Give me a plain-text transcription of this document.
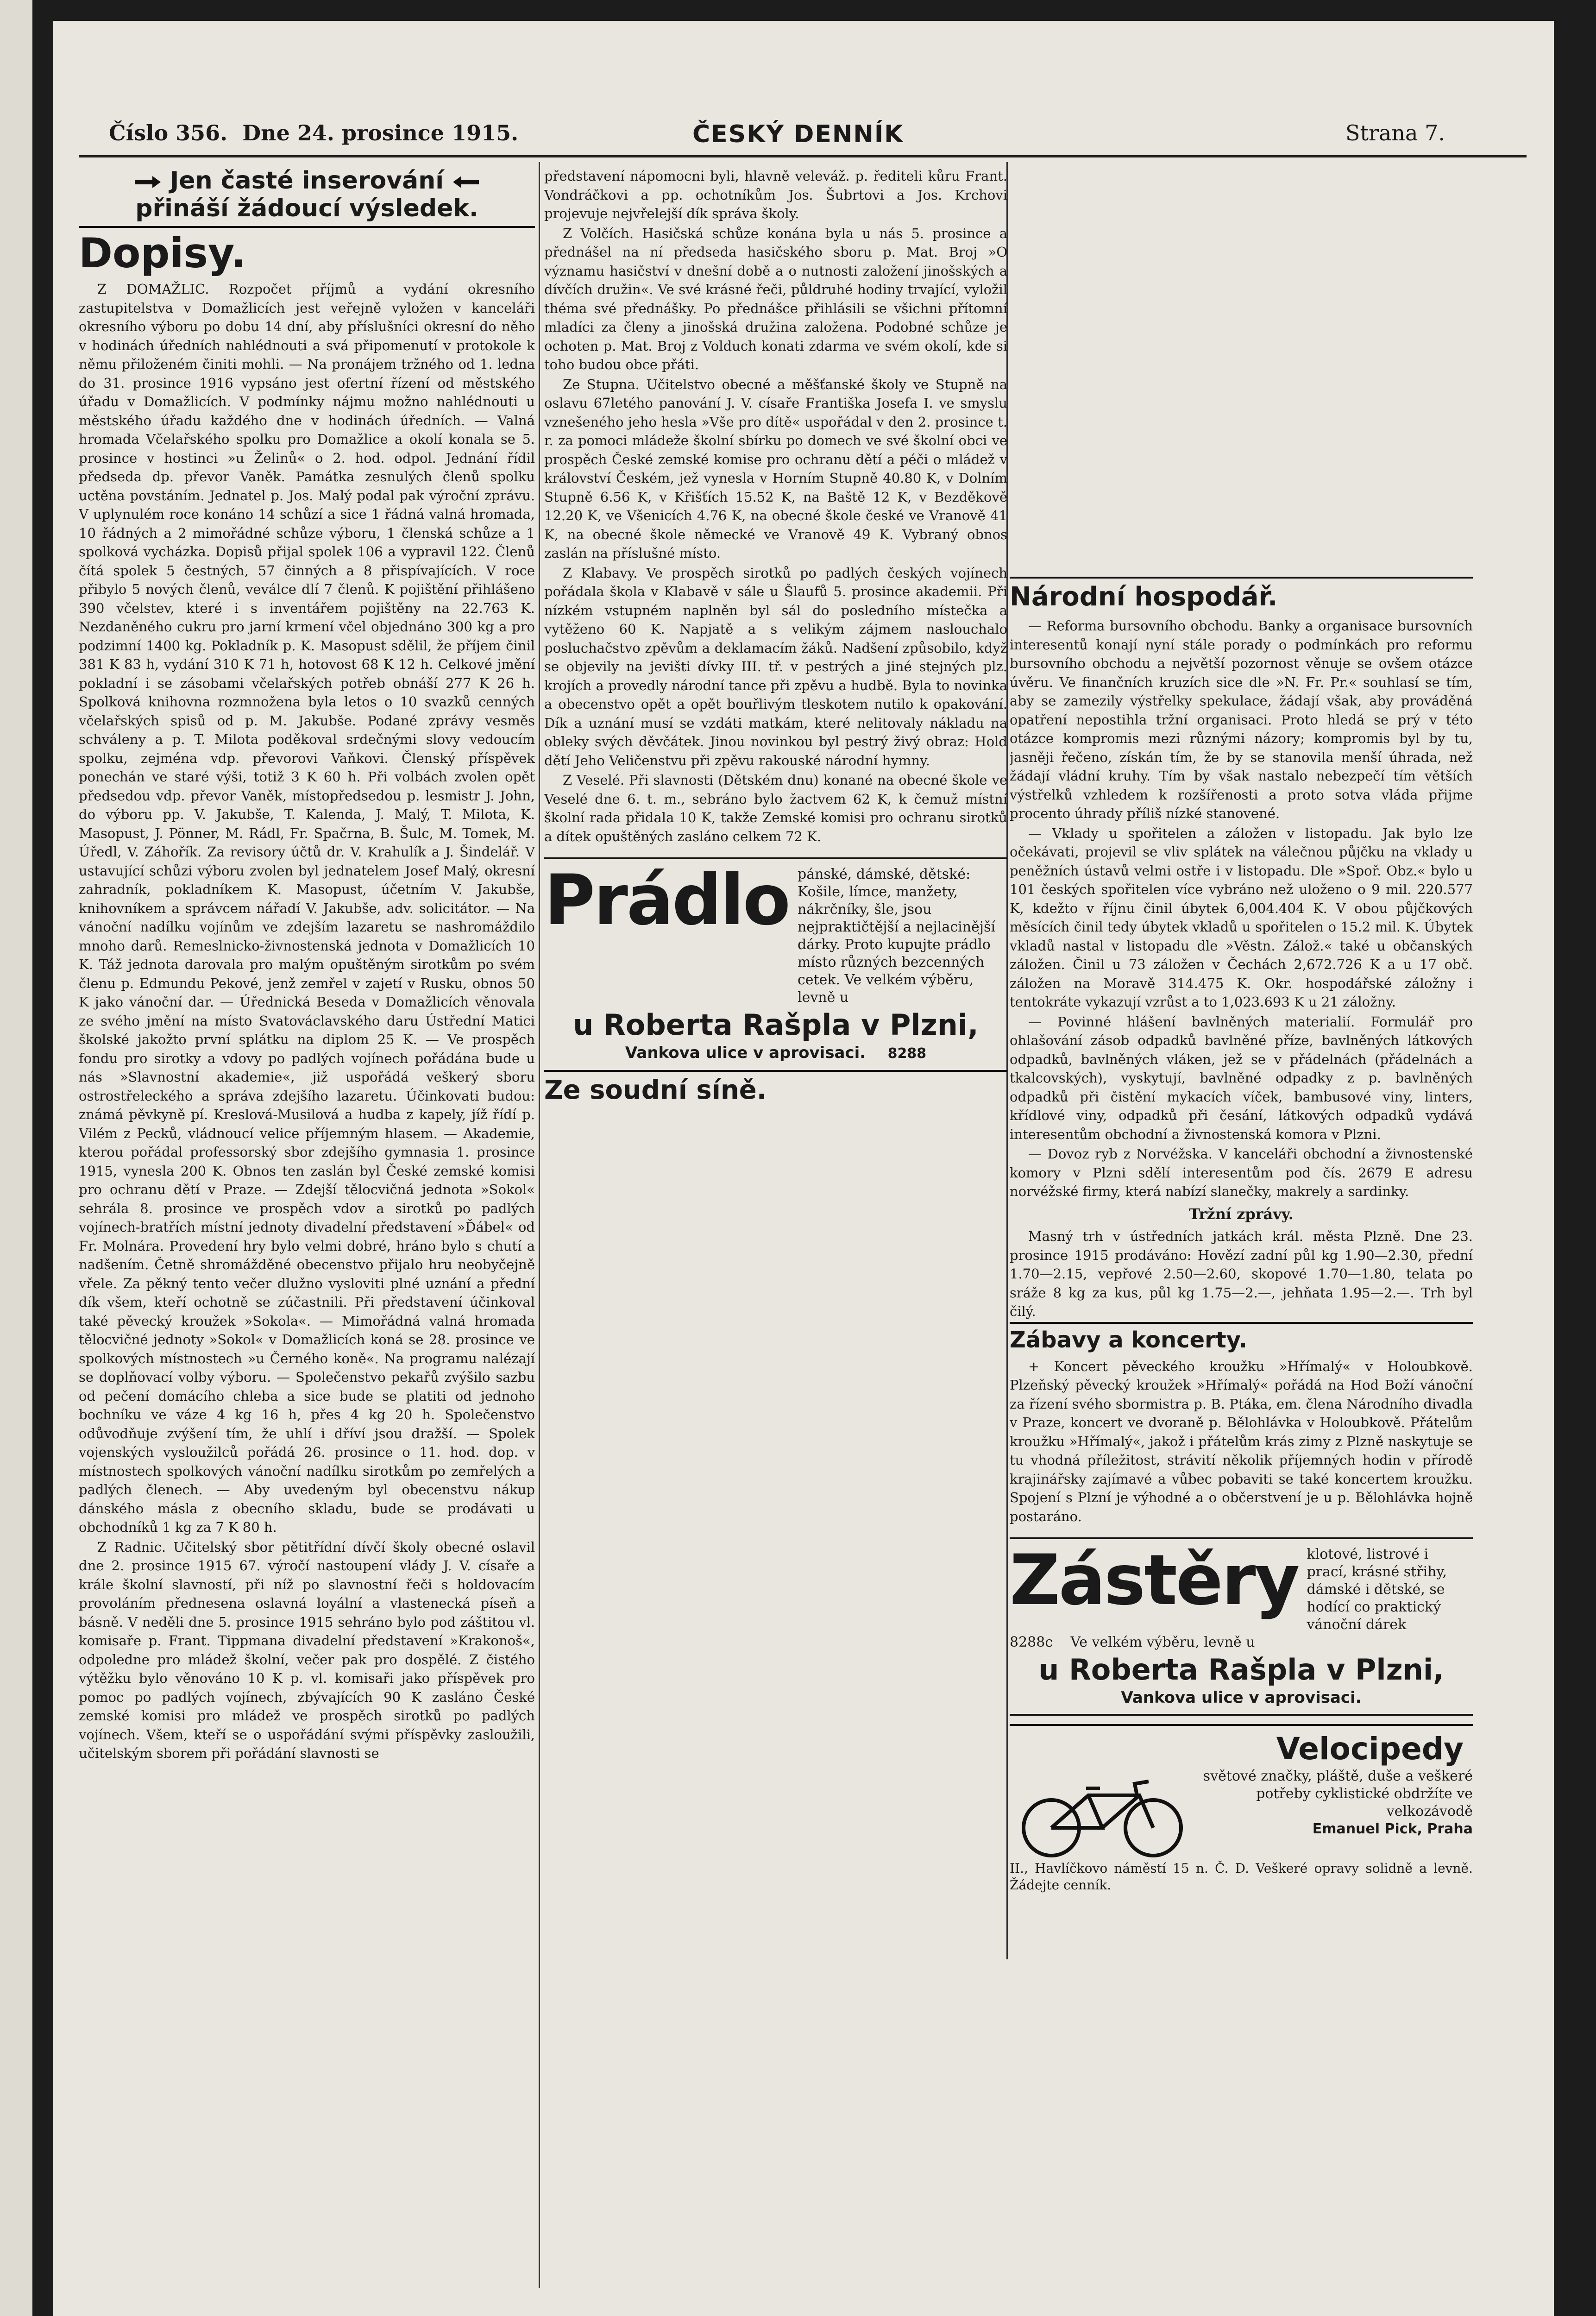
Číslo 356. Dne 24. prosince 1915.	ČESKÝ DENNÍK	Strana 7.
Jen časté inserování
přináší žádoucí výsledek.

Dopisy.

Z DOMAŽLIC. Rozpočet příjmů a vydání okresního zastupitelstva v Domažlicích jest veřejně vyložen v kanceláři okresního výboru po dobu 14 dní, aby příslušníci okresní do něho v hodinách úředních nahlédnouti a svá připomenutí v protokole k němu přiloženém činiti mohli. — Na pronájem tržného od 1. ledna do 31. prosince 1916 vypsáno jest ofertní řízení od městského úřadu v Domažlicích. V podmínky nájmu možno nahlédnouti u městského úřadu každého dne v hodinách úředních. — Valná hromada Včelařského spolku pro Domažlice a okolí konala se 5. prosince v hostinci »u Želinů« o 2. hod. odpol. Jednání řídil předseda dp. převor Vaněk. Památka zesnulých členů spolku uctěna povstáním. Jednatel p. Jos. Malý podal pak výroční zprávu. V uplynulém roce konáno 14 schůzí a sice 1 řádná valná hromada, 10 řádných a 2 mimořádné schůze výboru, 1 členská schůze a 1 spolková vycházka. Dopisů přijal spolek 106 a vypravil 122. Členů čítá spolek 5 čestných, 57 činných a 8 přispívajících. V roce přibylo 5 nových členů, veválce dlí 7 členů. K pojištění přihlášeno 390 včelstev, které i s inventářem pojištěny na 22.763 K. Nezdaněného cukru pro jarní krmení včel objednáno 300 kg a pro podzimní 1400 kg. Pokladník p. K. Masopust sdělil, že příjem činil 381 K 83 h, vydání 310 K 71 h, hotovost 68 K 12 h. Celkové jmění pokladní i se zásobami včelařských potřeb obnáší 277 K 26 h. Spolková knihovna rozmnožena byla letos o 10 svazků cenných včelařských spisů od p. M. Jakubše. Podané zprávy vesměs schváleny a p. T. Milota poděkoval srdečnými slovy vedoucím spolku, zejména vdp. převorovi Vaňkovi. Členský příspěvek ponechán ve staré výši, totiž 3 K 60 h. Při volbách zvolen opět předsedou vdp. převor Vaněk, místopředsedou p. lesmistr J. John, do výboru pp. V. Jakubše, T. Kalenda, J. Malý, T. Milota, K. Masopust, J. Pönner, M. Rádl, Fr. Spačrna, B. Šulc, M. Tomek, M. Úředl, V. Záhořík. Za revisory účtů dr. V. Krahulík a J. Šindelář. V ustavující schůzi výboru zvolen byl jednatelem Josef Malý, okresní zahradník, pokladníkem K. Masopust, účetním V. Jakubše, knihovníkem a správcem nářadí V. Jakubše, adv. solicitátor. — Na vánoční nadílku vojínům ve zdejším lazaretu se nashromáždilo mnoho darů. Remeslnicko-živnostenská jednota v Domažlicích 10 K. Táž jednota darovala pro malým opuštěným sirotkům po svém členu p. Edmundu Pekové, jenž zemřel v zajetí v Rusku, obnos 50 K jako vánoční dar. — Úřednická Beseda v Domažlicích věnovala ze svého jmění na místo Svatováclavského daru Ústřední Matici školské jakožto první splátku na diplom 25 K. — Ve prospěch fondu pro sirotky a vdovy po padlých vojínech pořádána bude u nás »Slavnostní akademie«, již uspořádá veškerý sboru ostrostřeleckého a správa zdejšího lazaretu. Účinkovati budou: známá pěvkyně pí. Kreslová-Musilová a hudba z kapely, jíž řídí p. Vilém z Pecků, vládnoucí velice příjemným hlasem. — Akademie, kterou pořádal professorský sbor zdejšího gymnasia 1. prosince 1915, vynesla 200 K. Obnos ten zaslán byl České zemské komisi pro ochranu dětí v Praze. — Zdejší tělocvičná jednota »Sokol« sehrála 8. prosince ve prospěch vdov a sirotků po padlých vojínech-bratřích místní jednoty divadelní představení »Ďábel« od Fr. Molnára. Provedení hry bylo velmi dobré, hráno bylo s chutí a nadšením. Četně shromážděné obecenstvo přijalo hru neobyčejně vřele. Za pěkný tento večer dlužno vysloviti plné uznání a přední dík všem, kteří ochotně se zúčastnili. Při představení účinkoval také pěvecký kroužek »Sokola«. — Mimořádná valná hromada tělocvičné jednoty »Sokol« v Domažlicích koná se 28. prosince ve spolkových místnostech »u Černého koně«. Na programu nalézají se doplňovací volby výboru. — Společenstvo pekařů zvýšilo sazbu od pečení domácího chleba a sice bude se platiti od jednoho bochníku ve váze 4 kg 16 h, přes 4 kg 20 h. Společenstvo odůvodňuje zvýšení tím, že uhlí i dříví jsou dražší. — Spolek vojenských vysloužilců pořádá 26. prosince o 11. hod. dop. v místnostech spolkových vánoční nadílku sirotkům po zemřelých a padlých členech. — Aby uvedeným byl obecenstvu nákup dánského másla z obecního skladu, bude se prodávati u obchodníků 1 kg za 7 K 80 h.

Z Radnic. Učitelský sbor pětitřídní dívčí školy obecné oslavil dne 2. prosince 1915 67. výročí nastoupení vlády J. V. císaře a krále školní slavností, při níž po slavnostní řeči s holdovacím provoláním přednesena oslavná loyální a vlastenecká píseň a básně. V neděli dne 5. prosince 1915 sehráno bylo pod záštitou vl. komisaře p. Frant. Tippmana divadelní představení »Krakonoš«, odpoledne pro mládež školní, večer pak pro dospělé. Z čistého výtěžku bylo věnováno 10 K p. vl. komisaři jako příspěvek pro pomoc po padlých vojínech, zbývajících 90 K zasláno České zemské komisi pro mládež ve prospěch sirotků po padlých vojínech. Všem, kteří se o uspořádání svými příspěvky zasloužili, učitelským sborem při pořádání slavnosti se

představení nápomocni byli, hlavně veleváž. p. řediteli kůru Frant. Vondráčkovi a pp. ochotníkům Jos. Šubrtovi a Jos. Krchovi projevuje nejvřelejší dík správa školy.

Z Volčích. Hasičská schůze konána byla u nás 5. prosince a přednášel na ní předseda hasičského sboru p. Mat. Broj »O významu hasičství v dnešní době a o nutnosti založení jinošských a dívčích družin«. Ve své krásné řeči, půldruhé hodiny trvající, vyložil théma své přednášky. Po přednášce přihlásili se všichni přítomní mladíci za členy a jinošská družina založena. Podobné schůze je ochoten p. Mat. Broj z Volduch konati zdarma ve svém okolí, kde si toho budou obce přáti.

Ze Stupna. Učitelstvo obecné a měšťanské školy ve Stupně na oslavu 67letého panování J. V. císaře Františka Josefa I. ve smyslu vznešeného jeho hesla »Vše pro dítě« uspořádal v den 2. prosince t. r. za pomoci mládeže školní sbírku po domech ve své školní obci ve prospěch České zemské komise pro ochranu dětí a péči o mládež v království Českém, jež vynesla v Horním Stupně 40.80 K, v Dolním Stupně 6.56 K, v Křišťích 15.52 K, na Baště 12 K, v Bezděkově 12.20 K, ve Všenicích 4.76 K, na obecné škole české ve Vranově 41 K, na obecné škole německé ve Vranově 49 K. Vybraný obnos zaslán na příslušné místo.

Z Klabavy. Ve prospěch sirotků po padlých českých vojínech pořádala škola v Klabavě v sále u Šlaufů 5. prosince akademii. Při nízkém vstupném naplněn byl sál do posledního místečka a vytěženo 60 K. Napjatě a s velikým zájmem naslouchalo posluchačstvo zpěvům a deklamacím žáků. Nadšení způsobilo, když se objevily na jevišti dívky III. tř. v pestrých a jiné stejných plz. krojích a provedly národní tance při zpěvu a hudbě. Byla to novinka a obecenstvo opět a opět bouřlivým tleskotem nutilo k opakování. Dík a uznání musí se vzdáti matkám, které nelitovaly nákladu na obleky svých děvčátek. Jinou novinkou byl pestrý živý obraz: Hold dětí Jeho Veličenstvu při zpěvu rakouské národní hymny.

Z Veselé. Při slavnosti (Dětském dnu) konané na obecné škole ve Veselé dne 6. t. m., sebráno bylo žactvem 62 K, k čemuž místní školní rada přidala 10 K, takže Zemské komisi pro ochranu sirotků a dítek opuštěných zasláno celkem 72 K.

Prádlo pánské, dámské, dětské: Košile, límce, manžety, nákrčníky, šle, jsou nejpraktičtější a nejlacinější dárky. Proto kupujte prádlo místo různých bezcenných cetek. Ve velkém výběru, levně u
u Roberta Rašpla v Plzni,
Vankova ulice v aprovisaci. 8288

Ze soudní síně.

Národní hospodář.

— Reforma bursovního obchodu. Banky a organisace bursovních interesentů konají nyní stále porady o podmínkách pro reformu bursovního obchodu a největší pozornost věnuje se ovšem otázce úvěru. Ve finančních kruzích sice dle »N. Fr. Pr.« souhlasí se tím, aby se zamezily výstřelky spekulace, žádají však, aby prováděná opatření nepostihla tržní organisaci. Proto hledá se prý v této otázce kompromis mezi různými názory; kompromis byl by tu, jasněji řečeno, získán tím, že by se stanovila menší úhrada, než žádají vládní kruhy. Tím by však nastalo nebezpečí tím větších výstřelků vzhledem k rozšířenosti a proto sotva vláda přijme procento úhrady příliš nízké stanovené.

— Vklady u spořitelen a záložen v listopadu. Jak bylo lze očekávati, projevil se vliv splátek na válečnou půjčku na vklady u peněžních ústavů velmi ostře i v listopadu. Dle »Spoř. Obz.« bylo u 101 českých spořitelen více vybráno než uloženo o 9 mil. 220.577 K, kdežto v říjnu činil úbytek 6,004.404 K. V obou půjčkových měsících činil tedy úbytek vkladů u spořitelen o 15.2 mil. K. Úbytek vkladů nastal v listopadu dle »Věstn. Zálož.« také u občanských záložen. Činil u 73 záložen v Čechách 2,672.726 K a u 17 obč. záložen na Moravě 314.475 K. Okr. hospodářské záložny i tentokráte vykazují vzrůst a to 1,023.693 K u 21 záložny.

— Povinné hlášení bavlněných materialií. Formulář pro ohlašování zásob odpadků bavlněné příze, bavlněných látkových odpadků, bavlněných vláken, jež se v přádelnách (přádelnách a tkalcovských), vyskytují, bavlněné odpadky z p. bavlněných odpadků při čistění mykacích víček, bambusové viny, linters, křídlové viny, odpadků při česání, látkových odpadků vydává interesentům obchodní a živnostenská komora v Plzni.

— Dovoz ryb z Norvéžska. V kanceláři obchodní a živnostenské komory v Plzni sdělí interesentům pod čís. 2679 E adresu norvéžské firmy, která nabízí slanečky, makrely a sardinky.

Tržní zprávy.

Masný trh v ústředních jatkách král. města Plzně. Dne 23. prosince 1915 prodáváno: Hovězí zadní půl kg 1.90—2.30, přední 1.70—2.15, vepřové 2.50—2.60, skopové 1.70—1.80, telata po sráže 8 kg za kus, půl kg 1.75—2.—, jehňata 1.95—2.—. Trh byl čilý.

Zábavy a koncerty.

+ Koncert pěveckého kroužku »Hřímalý« v Holoubkově. Plzeňský pěvecký kroužek »Hřímalý« pořádá na Hod Boží vánoční za řízení svého sbormistra p. B. Ptáka, em. člena Národního divadla v Praze, koncert ve dvoraně p. Bělohlávka v Holoubkově. Přátelům kroužku »Hřímalý«, jakož i přátelům krás zimy z Plzně naskytuje se tu vhodná příležitost, strávití několik příjemných hodin v přírodě krajinářsky zajímavé a vůbec pobaviti se také koncertem kroužku. Spojení s Plzní je výhodné a o občerstvení je u p. Bělohlávka hojně postaráno.

Zástěry klotové, listrové i prací, krásné střihy, dámské i dětské, se hodící co praktický vánoční dárek
8288c Ve velkém výběru, levně u
u Roberta Rašpla v Plzni,
Vankova ulice v aprovisaci.
Velocipedy
světové značky, pláště, duše a veškeré potřeby cyklistické obdržíte ve velkozávodě
Emanuel Pick, Praha
II., Havlíčkovo náměstí 15 n. Č. D. Veškeré opravy solidně a levně. Žádejte cenník.
